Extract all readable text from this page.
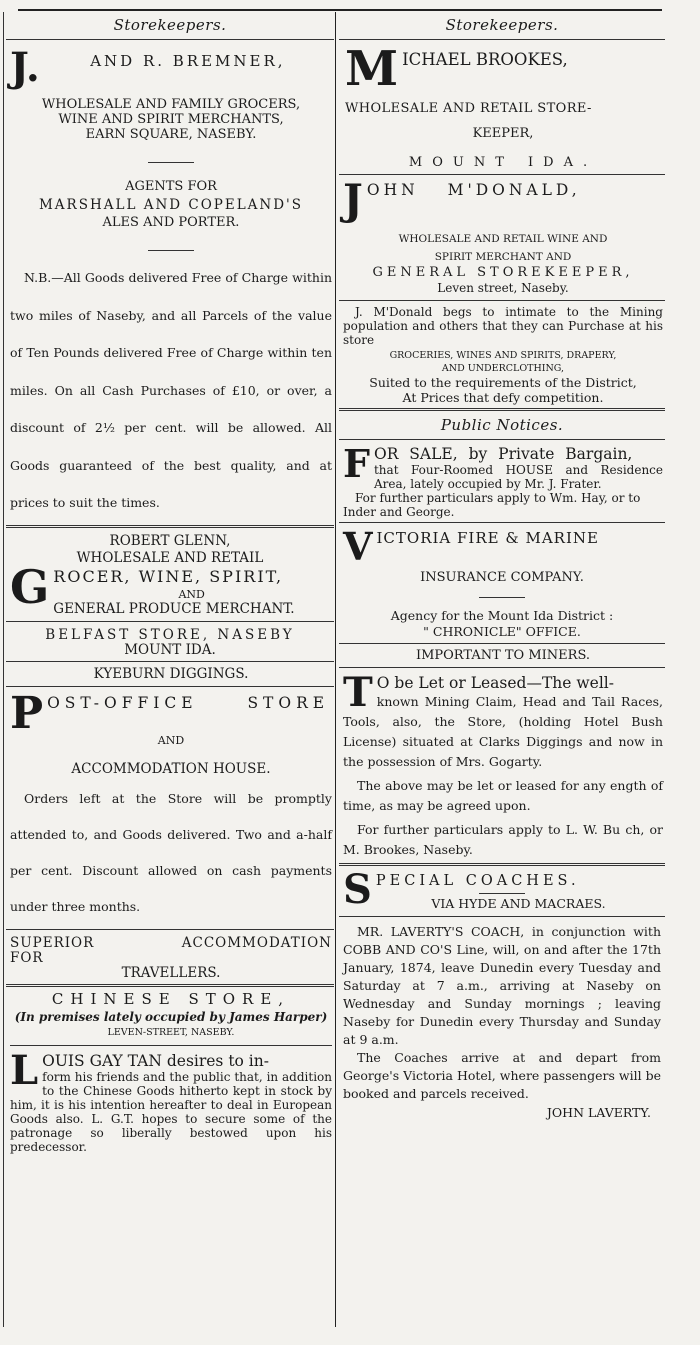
Storekeepers.
J.	AND R. BREMNER,

WHOLESALE AND FAMILY GROCERS,

WINE AND SPIRIT MERCHANTS,

EARN SQUARE, NASEBY.

AGENTS FOR

MARSHALL AND COPELAND'S

ALES AND PORTER.

N.B.—All Goods delivered Free of Charge within two miles of Naseby, and all Parcels of the value of Ten Pounds delivered Free of Charge within ten miles. On all Cash Purchases of £10, or over, a discount of 2½ per cent. will be allowed. All Goods guaranteed of the best quality, and at prices to suit the times.

ROBERT GLENN,

WHOLESALE AND RETAIL

G ROCER, WINE, SPIRIT,

AND

GENERAL PRODUCE MERCHANT.

BELFAST STORE, NASEBY

MOUNT IDA.

KYEBURN DIGGINGS.

P OST-OFFICE STORE

AND

ACCOMMODATION HOUSE.

Orders left at the Store will be promptly attended to, and Goods delivered. Two and a-half per cent. Discount allowed on cash payments under three months.

SUPERIOR ACCOMMODATION FOR

TRAVELLERS.

CHINESE STORE,

(In premises lately occupied by James Harper)

LEVEN-STREET, NASEBY.

L OUIS GAY TAN desires to in-

form his friends and the public that, in addition to the Chinese Goods hitherto kept in stock by him, it is his intention hereafter to deal in European Goods also. L. G.T. hopes to secure some of the patronage so liberally bestowed upon his predecessor.

Storekeepers.
M ICHAEL BROOKES,

WHOLESALE AND RETAIL STORE-

KEEPER,

MOUNT IDA.

J OHN M'DONALD,

WHOLESALE AND RETAIL WINE AND

SPIRIT MERCHANT AND

GENERAL STOREKEEPER,

Leven street, Naseby.

J. M'Donald begs to intimate to the Mining population and others that they can Purchase at his store

GROCERIES, WINES AND SPIRITS, DRAPERY,

AND UNDERCLOTHING,

Suited to the requirements of the District,

At Prices that defy competition.

Public Notices.
F OR SALE, by Private Bargain,

that Four-Roomed HOUSE and Residence Area, lately occupied by Mr. J. Frater.

For further particulars apply to Wm. Hay, or to Inder and George.

V ICTORIA FIRE & MARINE

INSURANCE COMPANY.

Agency for the Mount Ida District :

" CHRONICLE" OFFICE.

IMPORTANT TO MINERS.

T O be Let or Leased—The well-

known Mining Claim, Head and Tail Races, Tools, also, the Store, (holding Hotel Bush License) situated at Clarks Diggings and now in the possession of Mrs. Gogarty.

The above may be let or leased for any ength of time, as may be agreed upon.

For further particulars apply to L. W. Bu ch, or M. Brookes, Naseby.

S PECIAL COACHES.

VIA HYDE AND MACRAES.

MR. LAVERTY'S COACH, in conjunction with COBB AND CO'S Line, will, on and after the 17th January, 1874, leave Dunedin every Tuesday and Saturday at 7 a.m., arriving at Naseby on Wednesday and Sunday mornings ; leaving Naseby for Dunedin every Thursday and Sunday at 9 a.m.

The Coaches arrive at and depart from George's Victoria Hotel, where passengers will be booked and parcels received.

JOHN LAVERTY.
